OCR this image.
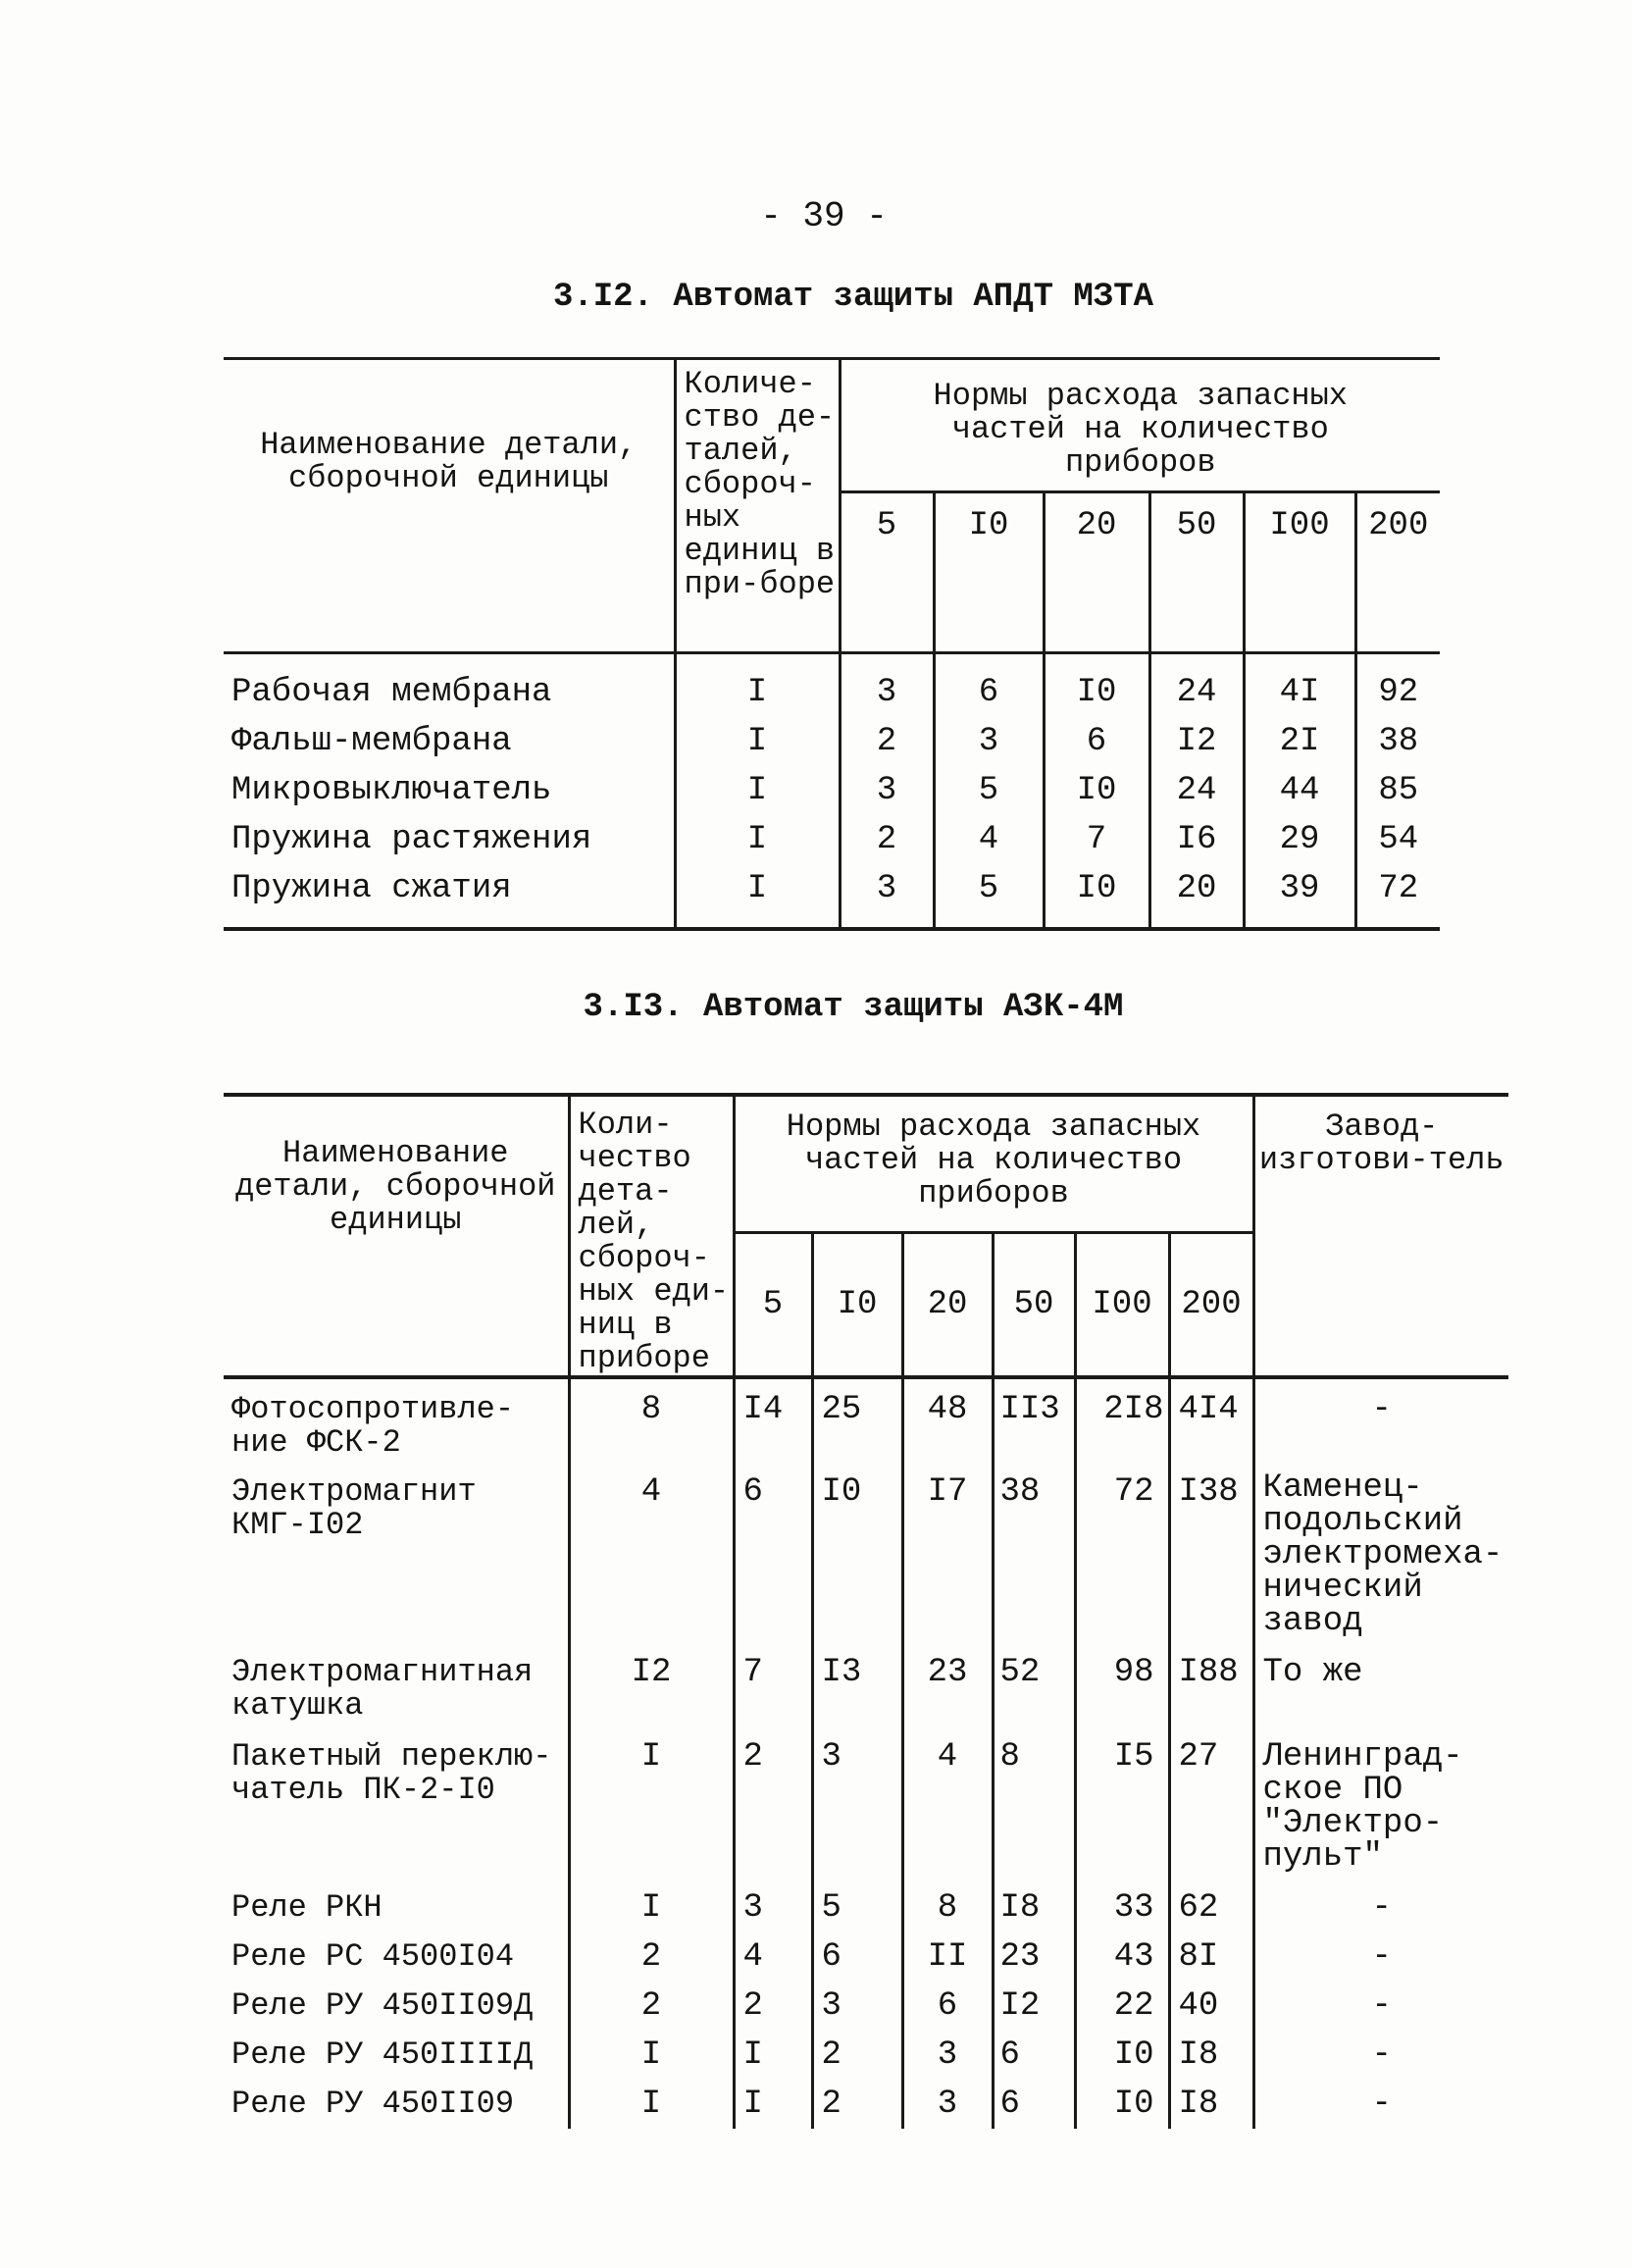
- 39 -
3.I2. Автомат защиты АПДТ МЗТА
Наименование детали, сборочной единицы	Количе-ство де-талей, сбороч-ных единиц в при-боре	Нормы расхода запасных частей на количество приборов					
		5	I0	20	50	I00	200
Рабочая мембрана	I	3	6	I0	24	4I	92
Фальш-мембрана	I	2	3	6	I2	2I	38
Микровыключатель	I	3	5	I0	24	44	85
Пружина растяжения	I	2	4	7	I6	29	54
Пружина сжатия	I	3	5	I0	20	39	72
3.I3. Автомат защиты АЗК-4М
Наименование детали, сборочной единицы	Коли-чество дета-лей, сбороч-ных еди-ниц в приборе	Нормы расхода запасных частей на количество приборов						Завод-изготови-тель
		5	I0	20	50	I00	200	
Фотосопротивле-ние ФСК-2	8	I4	25	48	II3	2I8	4I4	-
Электромагнит КМГ-I02	4	6	I0	I7	38	72	I38	Каменец-подольский электромеха-нический завод
Электромагнитная катушка	I2	7	I3	23	52	98	I88	То же
Пакетный переклю-чатель ПК-2-I0	I	2	3	4	8	I5	27	Ленинград-ское ПО "Электро-пульт"
Реле РКН	I	3	5	8	I8	33	62	-
Реле РС 4500I04	2	4	6	II	23	43	8I	-
Реле РУ 450II09Д	2	2	3	6	I2	22	40	-
Реле РУ 450IIIIД	I	I	2	3	6	I0	I8	-
Реле РУ 450II09	I	I	2	3	6	I0	I8	-
